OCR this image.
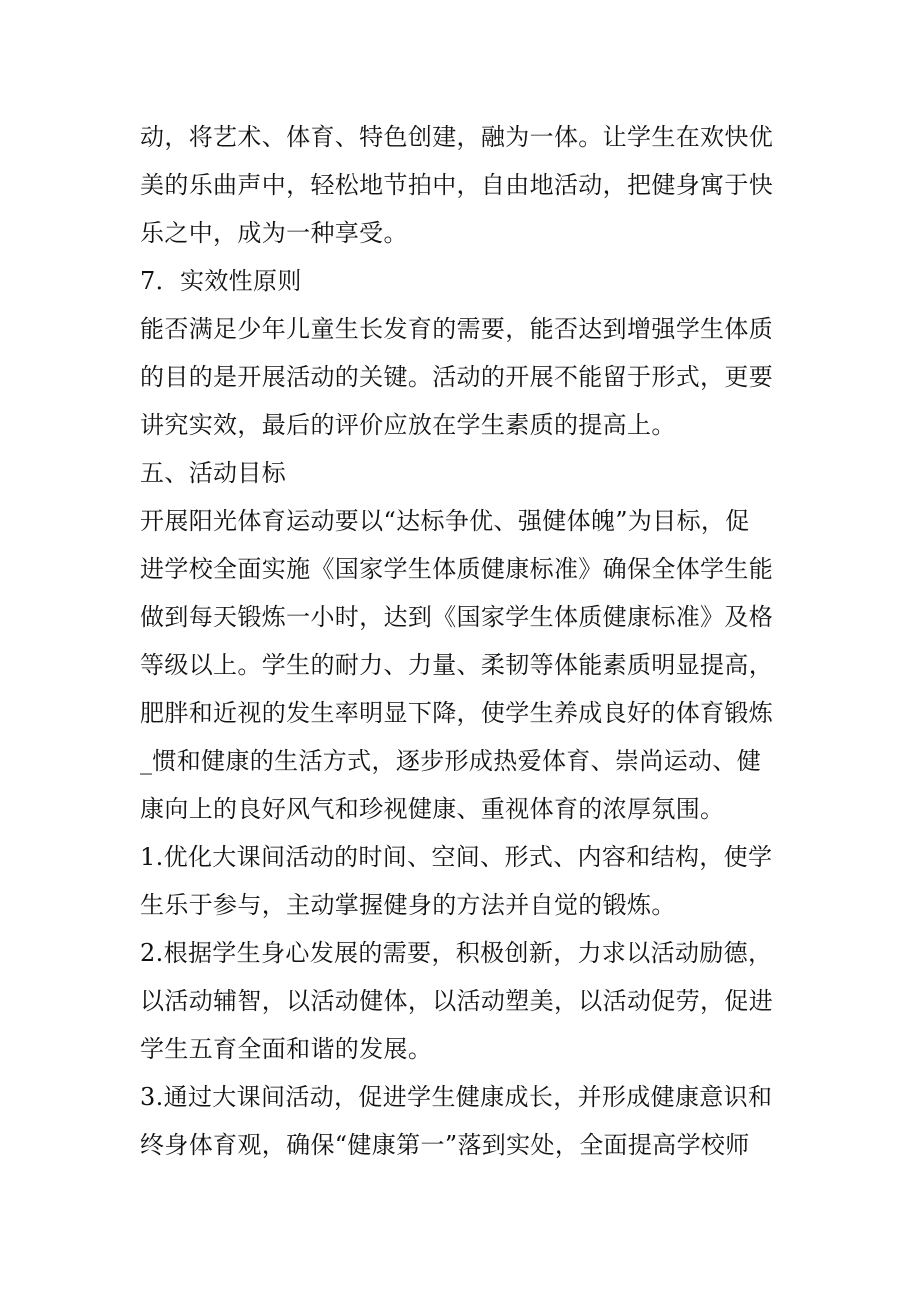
动，将艺术、体育、特色创建，融为一体。让学生在欢快优
美的乐曲声中，轻松地节拍中，自由地活动，把健身寓于快
乐之中，成为一种享受。
7．实效性原则
能否满足少年儿童生长发育的需要，能否达到增强学生体质
的目的是开展活动的关键。活动的开展不能留于形式，更要
讲究实效，最后的评价应放在学生素质的提高上。
五、活动目标
开展阳光体育运动要以“达标争优、强健体魄”为目标，促
进学校全面实施《国家学生体质健康标准》确保全体学生能
做到每天锻炼一小时，达到《国家学生体质健康标准》及格
等级以上。学生的耐力、力量、柔韧等体能素质明显提高，
肥胖和近视的发生率明显下降，使学生养成良好的体育锻炼
_惯和健康的生活方式，逐步形成热爱体育、崇尚运动、健
康向上的良好风气和珍视健康、重视体育的浓厚氛围。
1.优化大课间活动的时间、空间、形式、内容和结构，使学
生乐于参与，主动掌握健身的方法并自觉的锻炼。
2.根据学生身心发展的需要，积极创新，力求以活动励德，
以活动辅智，以活动健体，以活动塑美，以活动促劳，促进
学生五育全面和谐的发展。
3.通过大课间活动，促进学生健康成长，并形成健康意识和
终身体育观，确保“健康第一”落到实处，全面提高学校师
